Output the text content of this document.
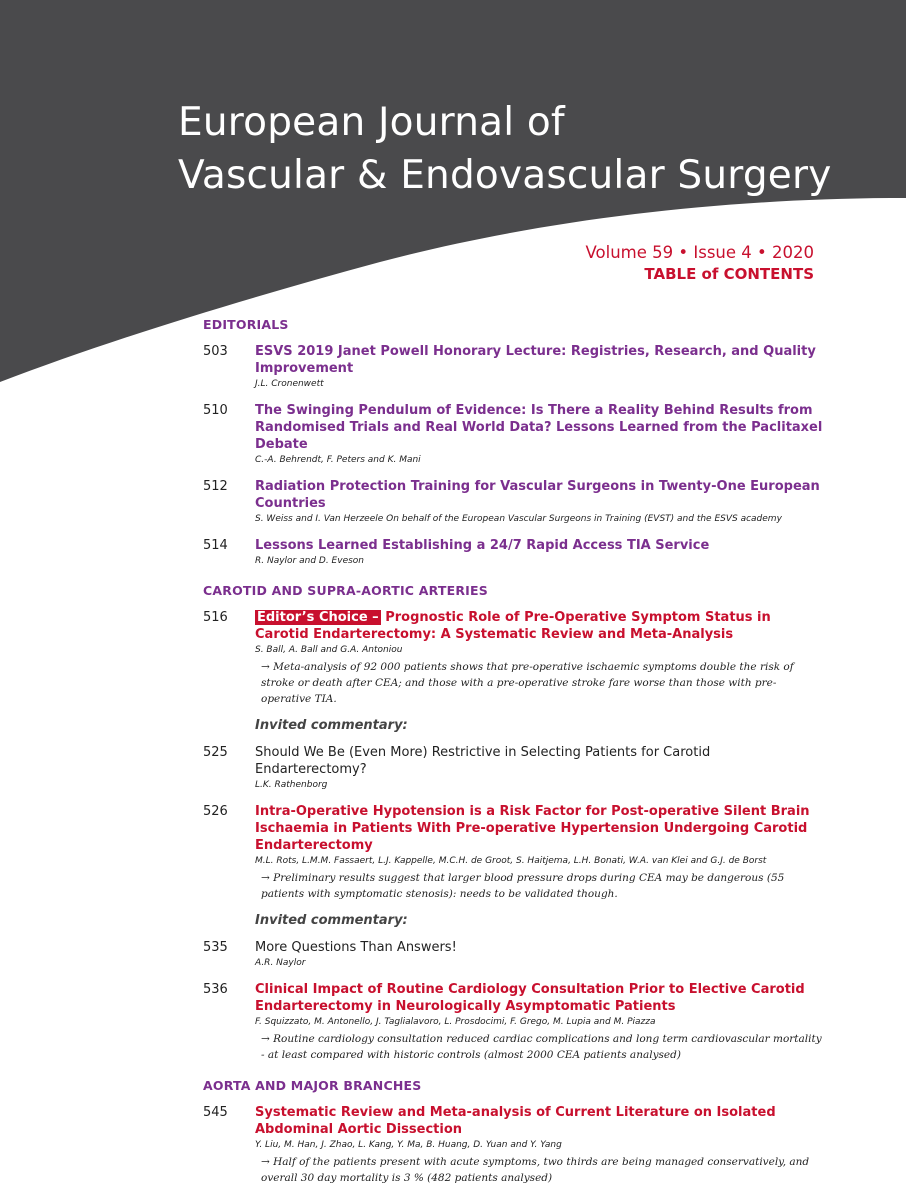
European Journal of
Vascular & Endovascular Surgery
Volume 59 • Issue 4 • 2020
TABLE of CONTENTS
EDITORIALS
503 ESVS 2019 Janet Powell Honorary Lecture: Registries, Research, and Quality Improvement
J.L. Cronenwett
510 The Swinging Pendulum of Evidence: Is There a Reality Behind Results from Randomised Trials and Real World Data? Lessons Learned from the Paclitaxel Debate
C.-A. Behrendt, F. Peters and K. Mani
512 Radiation Protection Training for Vascular Surgeons in Twenty-One European Countries
S. Weiss and I. Van Herzeele On behalf of the European Vascular Surgeons in Training (EVST) and the ESVS academy
514 Lessons Learned Establishing a 24/7 Rapid Access TIA Service
R. Naylor and D. Eveson
CAROTID AND SUPRA-AORTIC ARTERIES
516 Editor’s Choice – Prognostic Role of Pre-Operative Symptom Status in Carotid Endarterectomy: A Systematic Review and Meta-Analysis
S. Ball, A. Ball and G.A. Antoniou
→ Meta-analysis of 92 000 patients shows that pre-operative ischaemic symptoms double the risk of stroke or death after CEA; and those with a pre-operative stroke fare worse than those with pre-operative TIA.
Invited commentary:
525 Should We Be (Even More) Restrictive in Selecting Patients for Carotid Endarterectomy?
L.K. Rathenborg
526 Intra-Operative Hypotension is a Risk Factor for Post-operative Silent Brain Ischaemia in Patients With Pre-operative Hypertension Undergoing Carotid Endarterectomy
M.L. Rots, L.M.M. Fassaert, L.J. Kappelle, M.C.H. de Groot, S. Haitjema, L.H. Bonati, W.A. van Klei and G.J. de Borst
→ Preliminary results suggest that larger blood pressure drops during CEA may be dangerous (55 patients with symptomatic stenosis): needs to be validated though.
Invited commentary:
535 More Questions Than Answers!
A.R. Naylor
536 Clinical Impact of Routine Cardiology Consultation Prior to Elective Carotid Endarterectomy in Neurologically Asymptomatic Patients
F. Squizzato, M. Antonello, J. Taglialavoro, L. Prosdocimi, F. Grego, M. Lupia and M. Piazza
→ Routine cardiology consultation reduced cardiac complications and long term cardiovascular mortality - at least compared with historic controls (almost 2000 CEA patients analysed)
AORTA AND MAJOR BRANCHES
545 Systematic Review and Meta-analysis of Current Literature on Isolated Abdominal Aortic Dissection
Y. Liu, M. Han, J. Zhao, L. Kang, Y. Ma, B. Huang, D. Yuan and Y. Yang
→ Half of the patients present with acute symptoms, two thirds are being managed conservatively, and overall 30 day mortality is 3 % (482 patients analysed)
